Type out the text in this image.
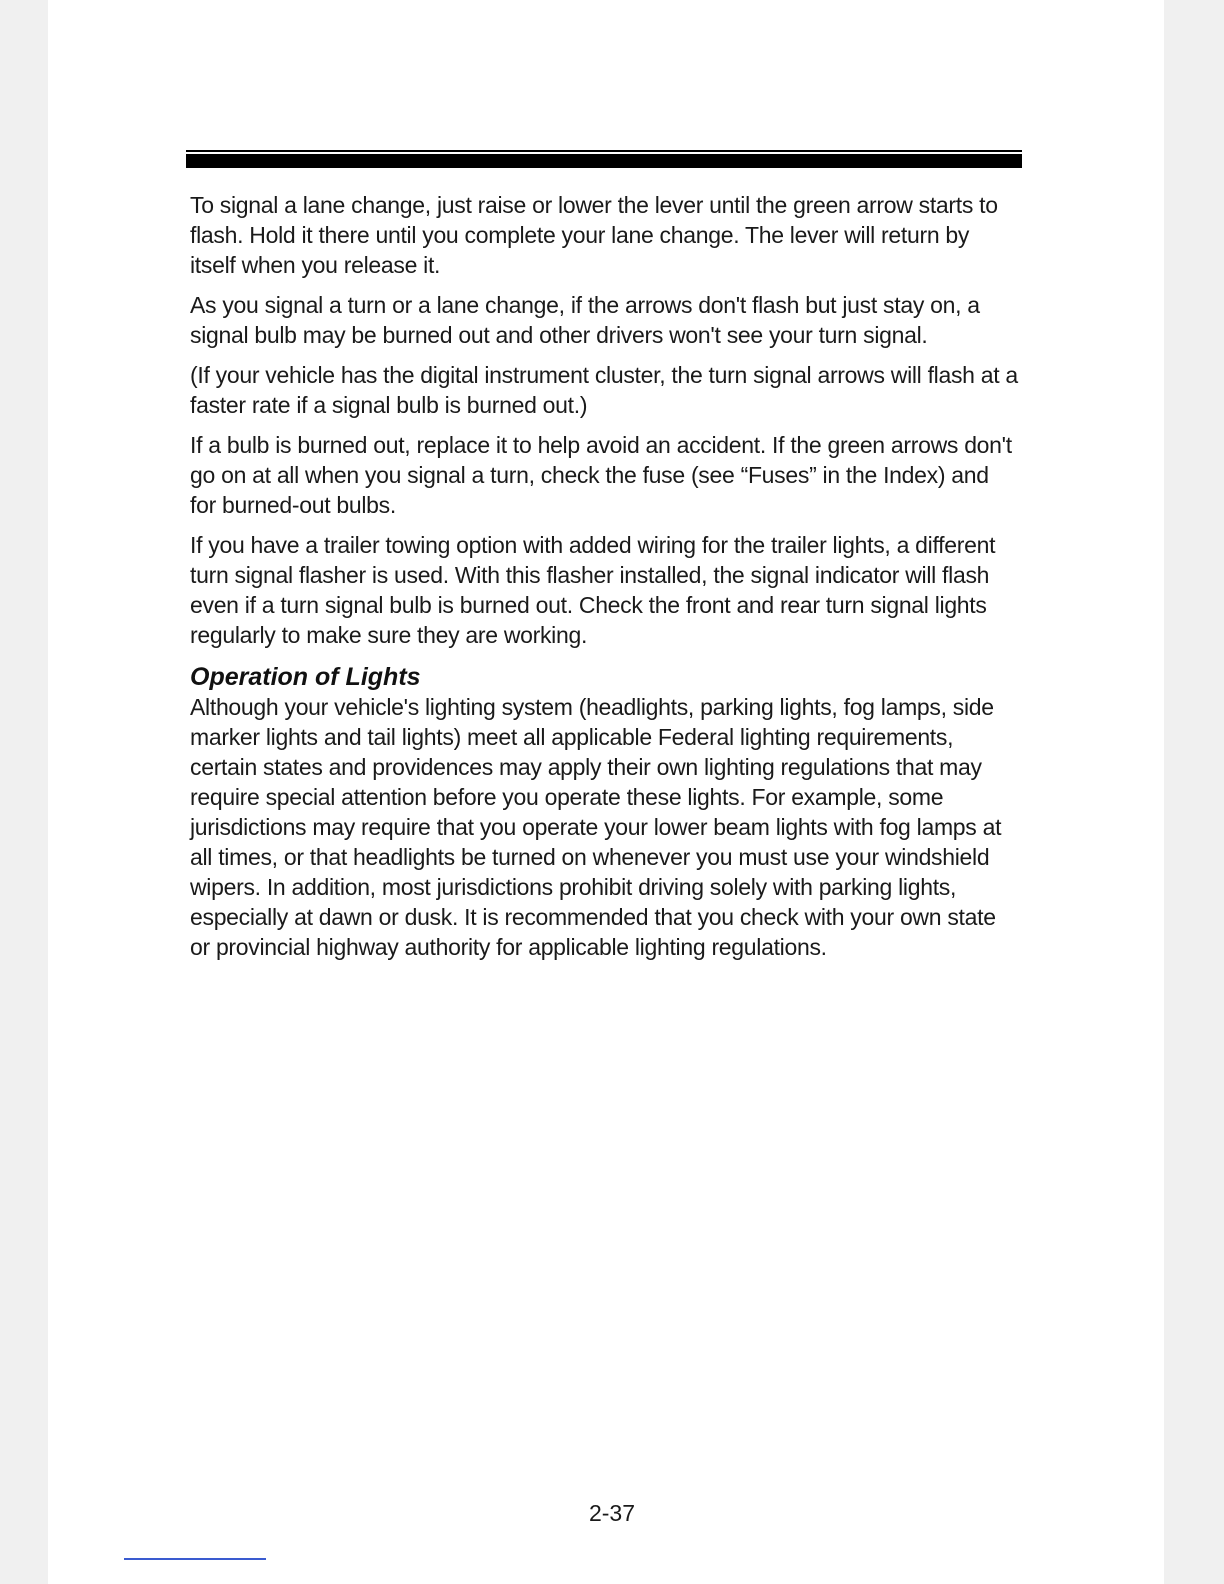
To signal a lane change, just raise or lower the lever until the green arrow starts to flash. Hold it there until you complete your lane change. The lever will return by itself when you release it.

As you signal a turn or a lane change, if the arrows don't flash but just stay on, a signal bulb may be burned out and other drivers won't see your turn signal.

(If your vehicle has the digital instrument cluster, the turn signal arrows will flash at a faster rate if a signal bulb is burned out.)

If a bulb is burned out, replace it to help avoid an accident. If the green arrows don't go on at all when you signal a turn, check the fuse (see “Fuses” in the Index) and for burned-out bulbs.

If you have a trailer towing option with added wiring for the trailer lights, a different turn signal flasher is used. With this flasher installed, the signal indicator will flash even if a turn signal bulb is burned out. Check the front and rear turn signal lights regularly to make sure they are working.

Operation of Lights

Although your vehicle's lighting system (headlights, parking lights, fog lamps, side marker lights and tail lights) meet all applicable Federal lighting requirements, certain states and providences may apply their own lighting regulations that may require special attention before you operate these lights. For example, some jurisdictions may require that you operate your lower beam lights with fog lamps at all times, or that headlights be turned on whenever you must use your windshield wipers. In addition, most jurisdictions prohibit driving solely with parking lights, especially at dawn or dusk. It is recommended that you check with your own state or provincial highway authority for applicable lighting regulations.

2-37
